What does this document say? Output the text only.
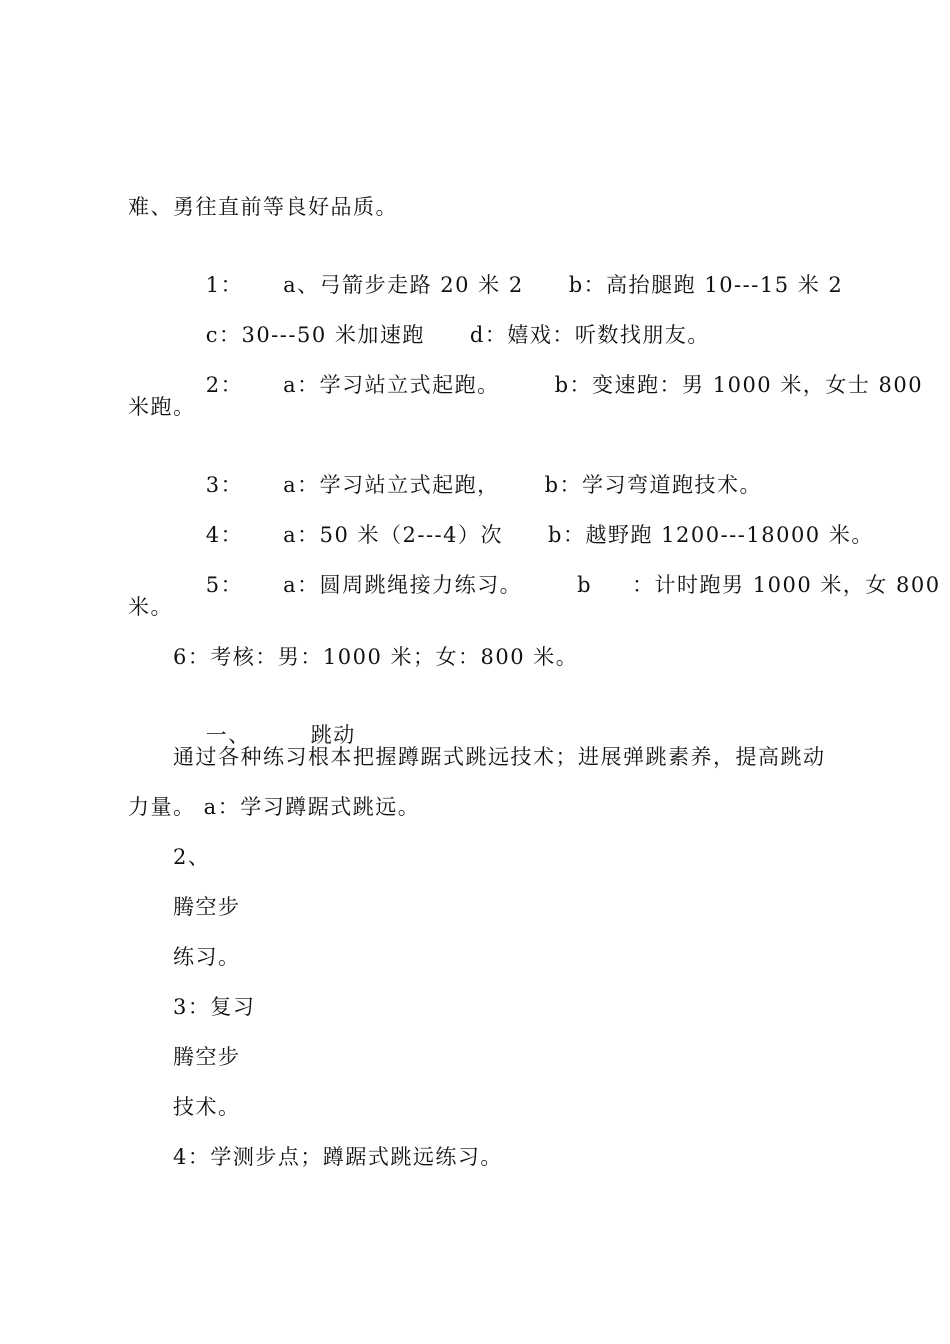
难、勇往直前等良好品质。

1： a、弓箭步走路 20 米 2 b：高抬腿跑 10---15 米 2

c：30---50 米加速跑 d：嬉戏：听数找朋友。

2： a：学习站立式起跑。	b：变速跑：男 1000 米，女士 800

米跑。

3： a：学习站立式起跑， b：学习弯道跑技术。

4： a：50 米（2---4）次 b：越野跑 1200---18000 米。

5： a：圆周跳绳接力练习。	b ：计时跑男 1000 米，女 800

米。
6：考核：男：1000 米；女：800 米。

一、	跳动

通过各种练习根本把握蹲踞式跳远技术；进展弹跳素养，提高跳动
力量。 a：学习蹲踞式跳远。
2、
腾空步
练习。
3：复习
腾空步
技术。
4：学测步点；蹲踞式跳远练习。
